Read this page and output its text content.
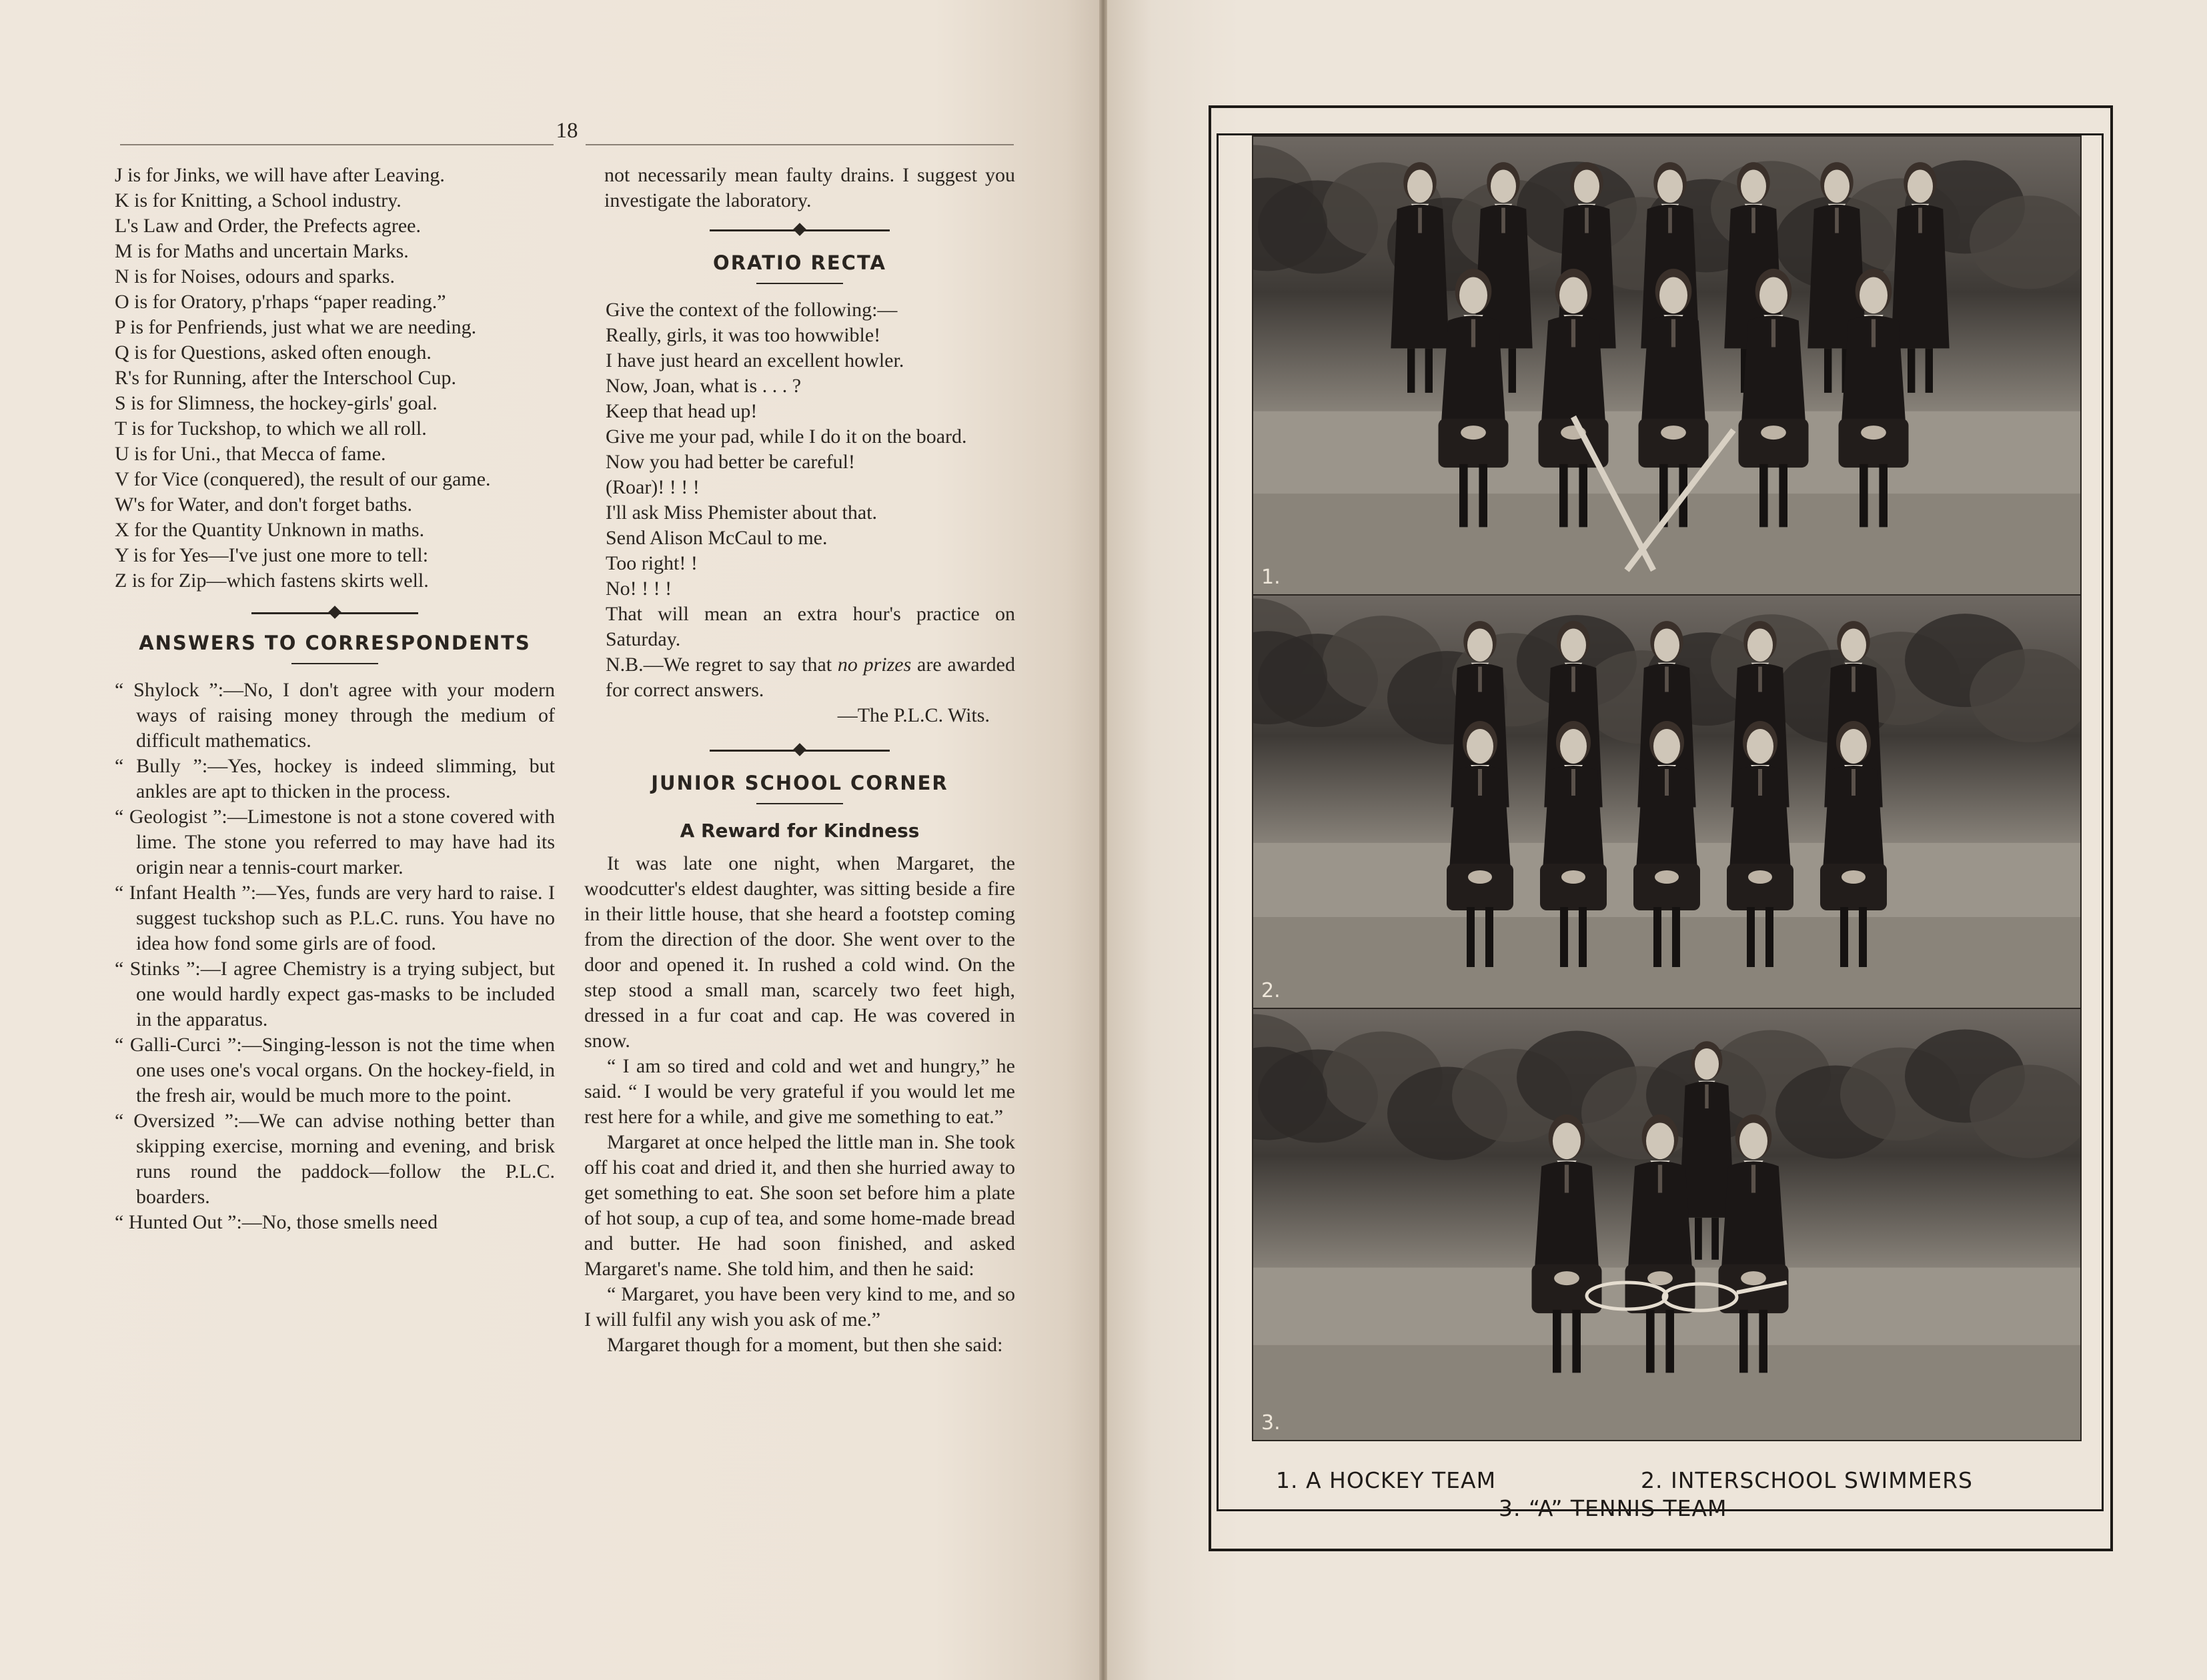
18

J is for Jinks, we will have after Leaving.

K is for Knitting, a School industry.

L's Law and Order, the Prefects agree.

M is for Maths and uncertain Marks.

N is for Noises, odours and sparks.

O is for Oratory, p'rhaps “paper reading.”

P is for Penfriends, just what we are needing.

Q is for Questions, asked often enough.

R's for Running, after the Interschool Cup.

S is for Slimness, the hockey-girls' goal.

T is for Tuckshop, to which we all roll.

U is for Uni., that Mecca of fame.

V for Vice (conquered), the result of our game.

W's for Water, and don't forget baths.

X for the Quantity Unknown in maths.

Y is for Yes—I've just one more to tell:

Z is for Zip—which fastens skirts well.

ANSWERS TO CORRESPONDENTS

“ Shylock ”:—No, I don't agree with your modern ways of raising money through the medium of difficult mathematics.

“ Bully ”:—Yes, hockey is indeed slimming, but ankles are apt to thicken in the process.

“ Geologist ”:—Limestone is not a stone covered with lime. The stone you referred to may have had its origin near a tennis-court marker.

“ Infant Health ”:—Yes, funds are very hard to raise. I suggest tuckshop such as P.L.C. runs. You have no idea how fond some girls are of food.

“ Stinks ”:—I agree Chemistry is a trying subject, but one would hardly expect gas-masks to be included in the apparatus.

“ Galli-Curci ”:—Singing-lesson is not the time when one uses one's vocal organs. On the hockey-field, in the fresh air, would be much more to the point.

“ Oversized ”:—We can advise nothing better than skipping exercise, morning and evening, and brisk runs round the paddock—follow the P.L.C. boarders.

“ Hunted Out ”:—No, those smells need

not necessarily mean faulty drains. I suggest you investigate the laboratory.

ORATIO RECTA

Give the context of the following:—

Really, girls, it was too howwible!

I have just heard an excellent howler.

Now, Joan, what is . . . ?

Keep that head up!

Give me your pad, while I do it on the board.

Now you had better be careful!

(Roar)! ! ! !

I'll ask Miss Phemister about that.

Send Alison McCaul to me.

Too right! !

No! ! ! !

That will mean an extra hour's practice on Saturday.

N.B.—We regret to say that no prizes are awarded for correct answers.

—The P.L.C. Wits.

JUNIOR SCHOOL CORNER
A Reward for Kindness

It was late one night, when Margaret, the woodcutter's eldest daughter, was sitting beside a fire in their little house, that she heard a footstep coming from the direction of the door. She went over to the door and opened it. In rushed a cold wind. On the step stood a small man, scarcely two feet high, dressed in a fur coat and cap. He was covered in snow.

“ I am so tired and cold and wet and hungry,” he said. “ I would be very grateful if you would let me rest here for a while, and give me something to eat.”

Margaret at once helped the little man in. She took off his coat and dried it, and then she hurried away to get something to eat. She soon set before him a plate of hot soup, a cup of tea, and some home-made bread and butter. He had soon finished, and asked Margaret's name. She told him, and then he said:

“ Margaret, you have been very kind to me, and so I will fulfil any wish you ask of me.”

Margaret though for a moment, but then she said:

1.
2.
3.
1. A HOCKEY TEAM	2. INTERSCHOOL SWIMMERS
3. “A” TENNIS TEAM
